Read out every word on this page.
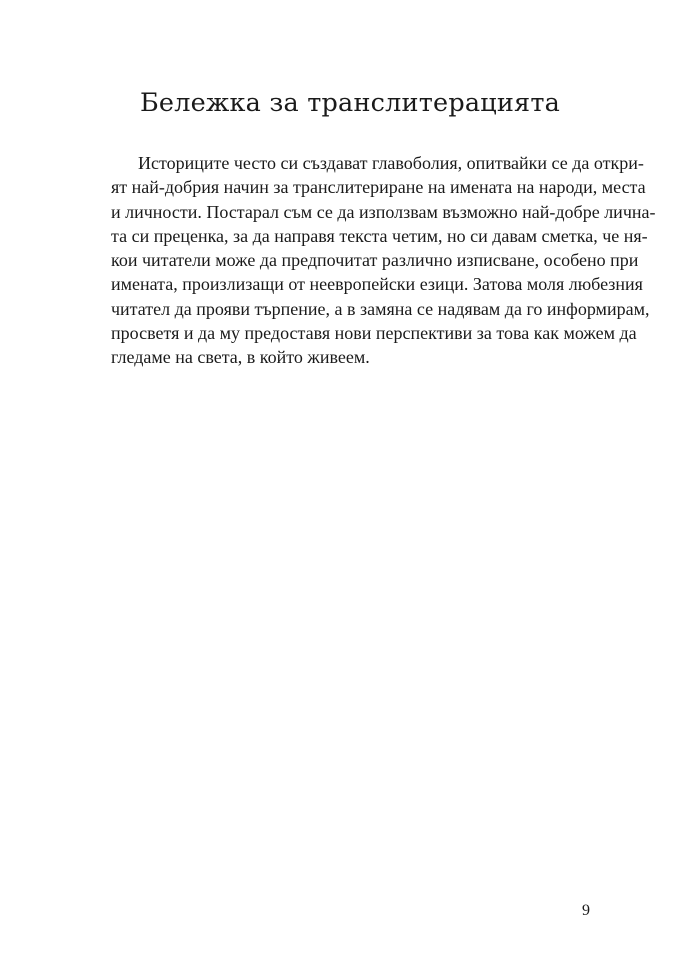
Бележка за транслитерацията
Историците често си създават главоболия, опитвайки се да откри-
ят най-добрия начин за транслитериране на имената на народи, места
и личности. Постарал съм се да използвам възможно най-добре лична-
та си преценка, за да направя текста четим, но си давам сметка, че ня-
кои читатели може да предпочитат различно изписване, особено при
имената, произлизащи от неевропейски езици. Затова моля любезния
читател да прояви търпение, а в замяна се надявам да го информирам,
просветя и да му предоставя нови перспективи за това как можем да
гледаме на света, в който живеем.
9
